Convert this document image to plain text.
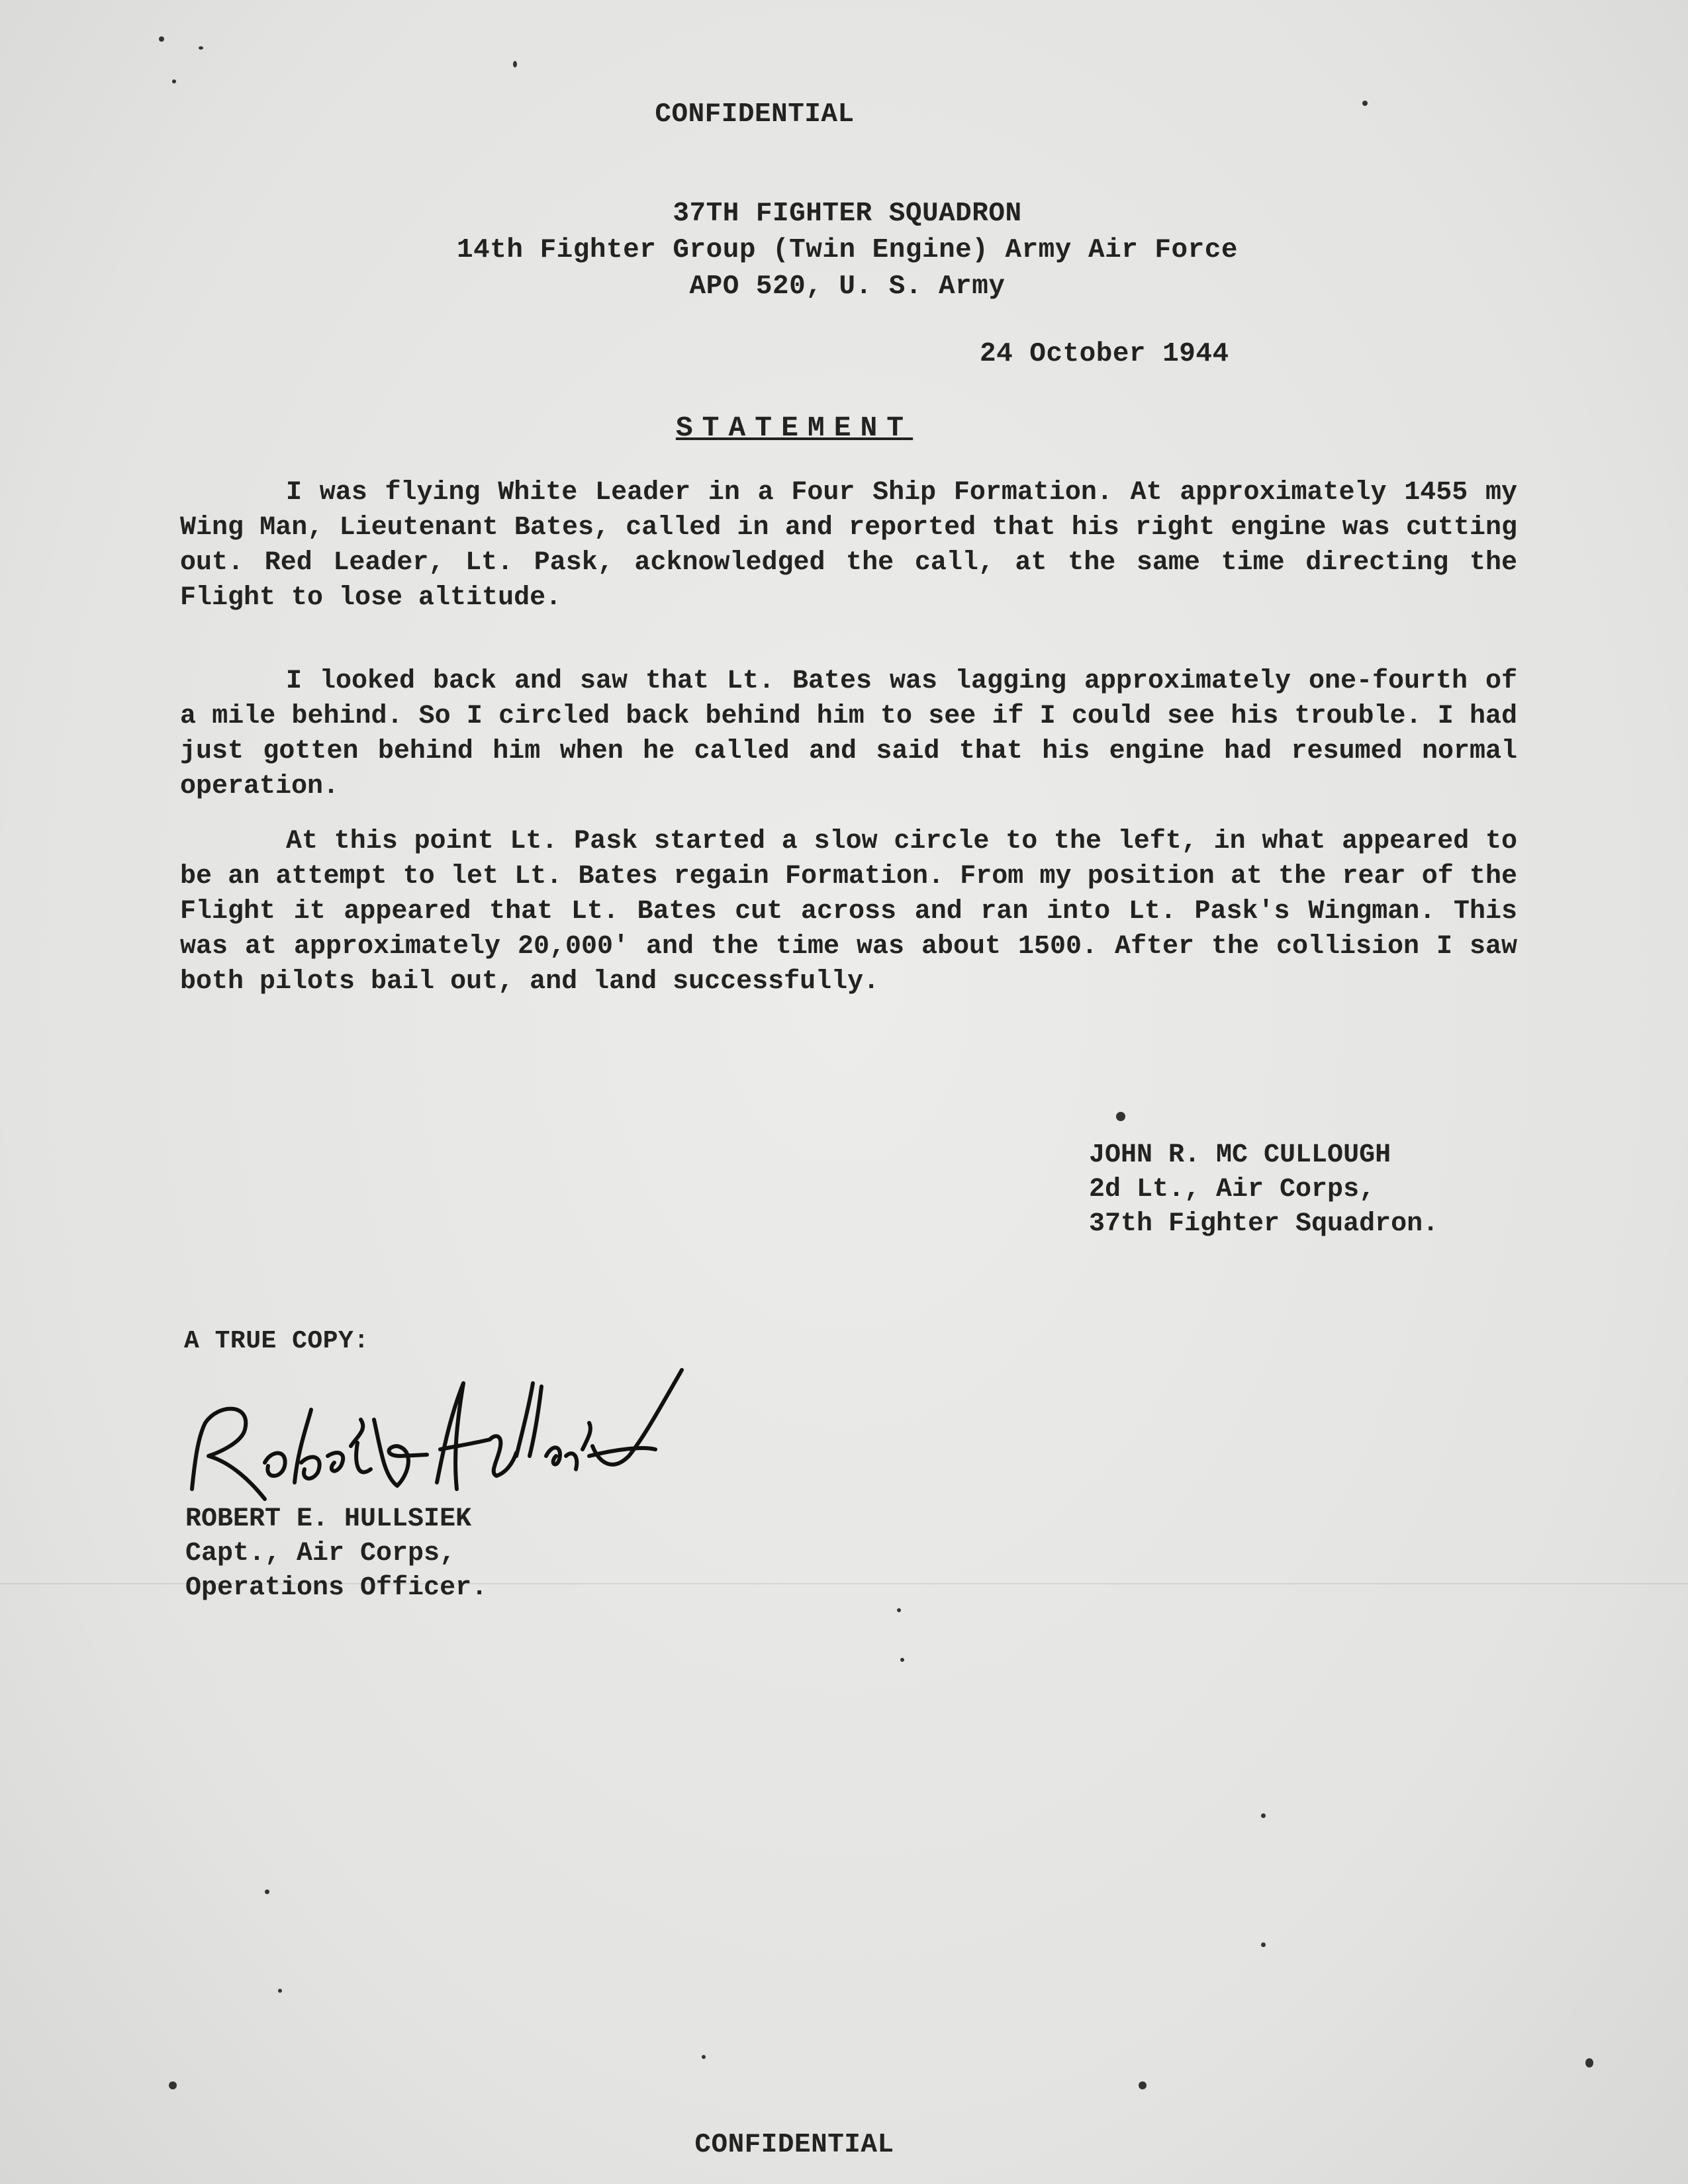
CONFIDENTIAL
37TH FIGHTER SQUADRON
14th Fighter Group (Twin Engine) Army Air Force
APO 520, U. S. Army
24 October 1944
STATEMENT
I was flying White Leader in a Four Ship Formation. At approximately 1455 my Wing Man, Lieutenant Bates, called in and reported that his right engine was cutting out. Red Leader, Lt. Pask, acknowledged the call, at the same time directing the Flight to lose altitude.
I looked back and saw that Lt. Bates was lagging approximately one-fourth of a mile behind. So I circled back behind him to see if I could see his trouble. I had just gotten behind him when he called and said that his engine had resumed normal operation.
At this point Lt. Pask started a slow circle to the left, in what appeared to be an attempt to let Lt. Bates regain Formation. From my position at the rear of the Flight it appeared that Lt. Bates cut across and ran into Lt. Pask's Wingman. This was at approximately 20,000' and the time was about 1500. After the collision I saw both pilots bail out, and land successfully.
JOHN R. MC CULLOUGH
2d Lt., Air Corps,
37th Fighter Squadron.
A TRUE COPY:
ROBERT E. HULLSIEK
Capt., Air Corps,
Operations Officer.
CONFIDENTIAL
